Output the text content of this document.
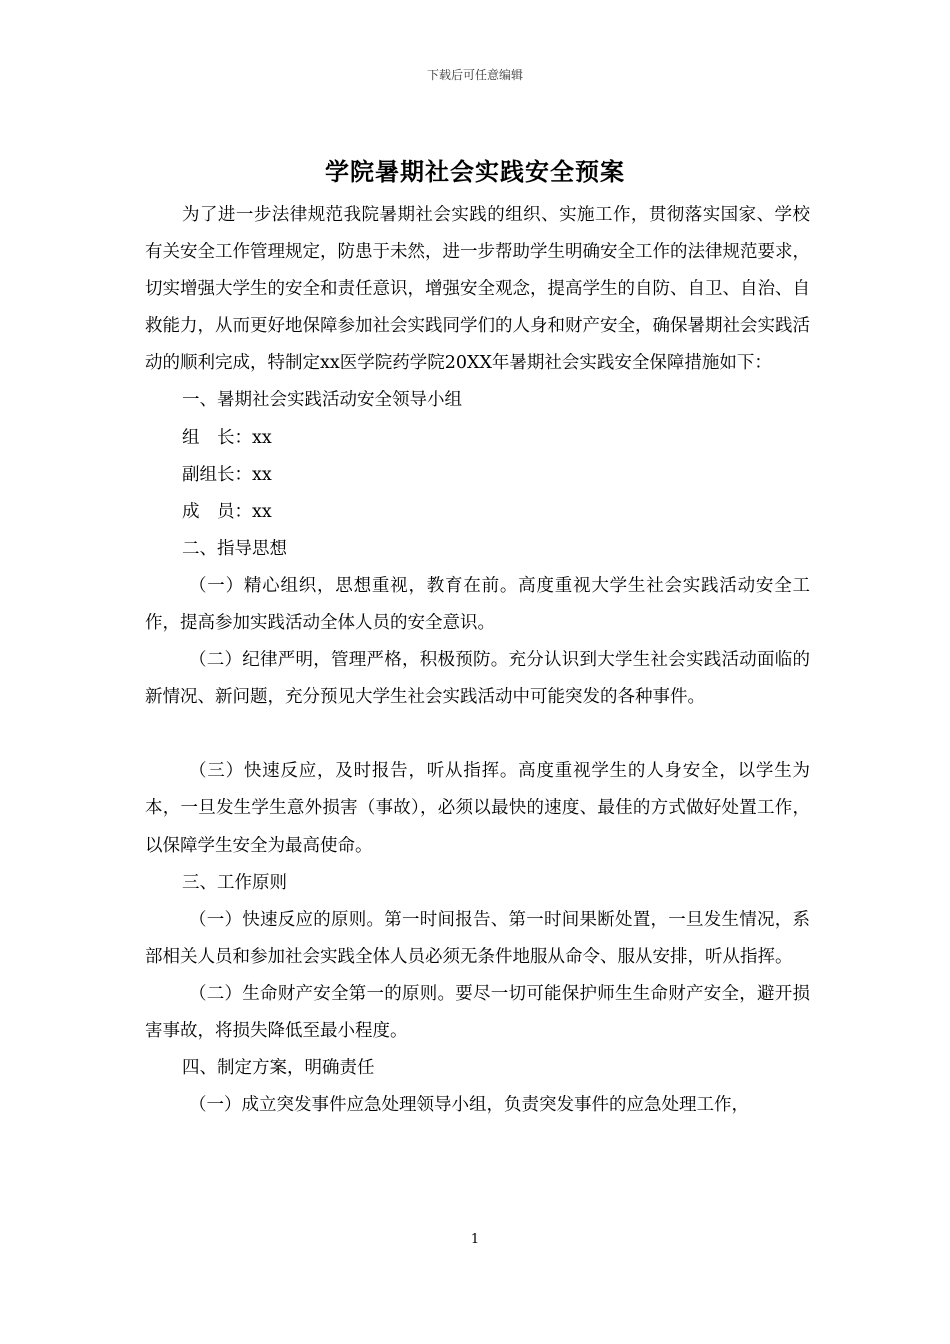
下载后可任意编辑
学院暑期社会实践安全预案

为了进一步法律规范我院暑期社会实践的组织、实施工作，贯彻落实国家、学校有关安全工作管理规定，防患于未然，进一步帮助学生明确安全工作的法律规范要求，切实增强大学生的安全和责任意识，增强安全观念，提高学生的自防、自卫、自治、自救能力，从而更好地保障参加社会实践同学们的人身和财产安全，确保暑期社会实践活动的顺利完成，特制定xx医学院药学院20XX年暑期社会实践安全保障措施如下：

一、暑期社会实践活动安全领导小组

组　长：xx

副组长：xx

成　员：xx

二、指导思想

（一）精心组织，思想重视，教育在前。高度重视大学生社会实践活动安全工作，提高参加实践活动全体人员的安全意识。

（二）纪律严明，管理严格，积极预防。充分认识到大学生社会实践活动面临的新情况、新问题，充分预见大学生社会实践活动中可能突发的各种事件。

（三）快速反应，及时报告，听从指挥。高度重视学生的人身安全，以学生为本，一旦发生学生意外损害（事故），必须以最快的速度、最佳的方式做好处置工作，以保障学生安全为最高使命。

三、工作原则

（一）快速反应的原则。第一时间报告、第一时间果断处置，一旦发生情况，系部相关人员和参加社会实践全体人员必须无条件地服从命令、服从安排，听从指挥。

（二）生命财产安全第一的原则。要尽一切可能保护师生生命财产安全，避开损害事故，将损失降低至最小程度。

四、制定方案，明确责任

（一）成立突发事件应急处理领导小组，负责突发事件的应急处理工作，

1
